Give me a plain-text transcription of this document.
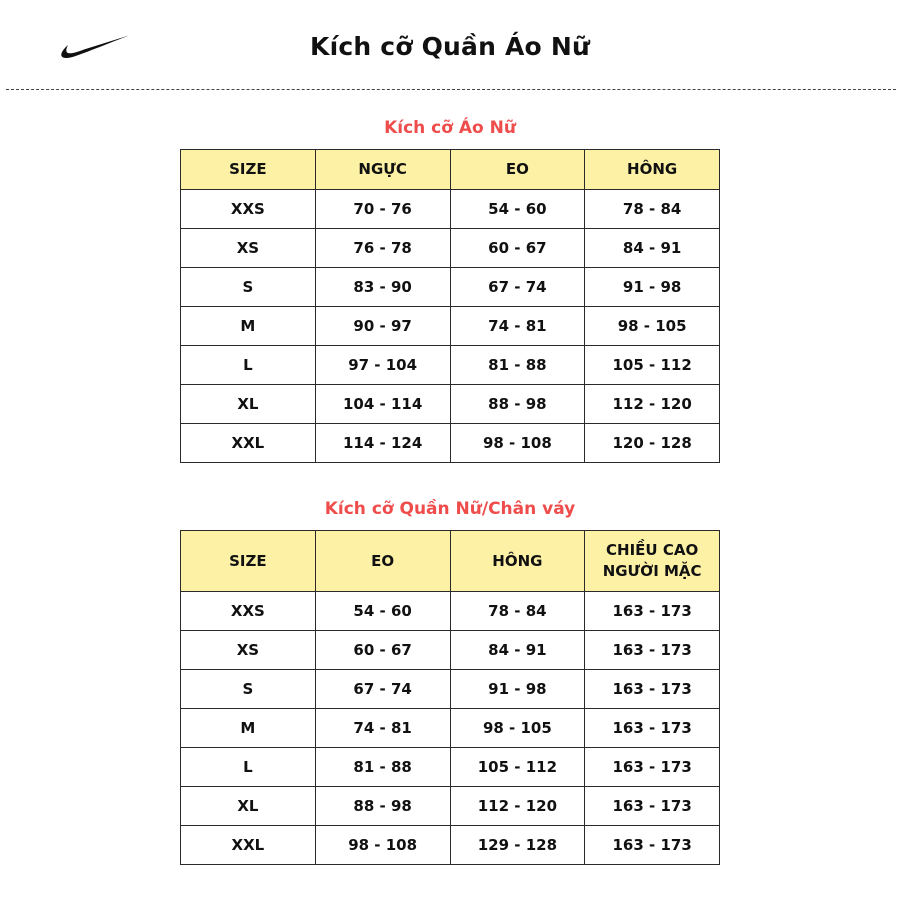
Kích cỡ Quần Áo Nữ
Kích cỡ Áo Nữ
SIZE	NGỰC	EO	HÔNG
XXS	70 - 76	54 - 60	78 - 84
XS	76 - 78	60 - 67	84 - 91
S	83 - 90	67 - 74	91 - 98
M	90 - 97	74 - 81	98 - 105
L	97 - 104	81 - 88	105 - 112
XL	104 - 114	88 - 98	112 - 120
XXL	114 - 124	98 - 108	120 - 128
Kích cỡ Quần Nữ/Chân váy
SIZE	EO	HÔNG	CHIỀU CAO NGƯỜI MẶC
XXS	54 - 60	78 - 84	163 - 173
XS	60 - 67	84 - 91	163 - 173
S	67 - 74	91 - 98	163 - 173
M	74 - 81	98 - 105	163 - 173
L	81 - 88	105 - 112	163 - 173
XL	88 - 98	112 - 120	163 - 173
XXL	98 - 108	129 - 128	163 - 173
